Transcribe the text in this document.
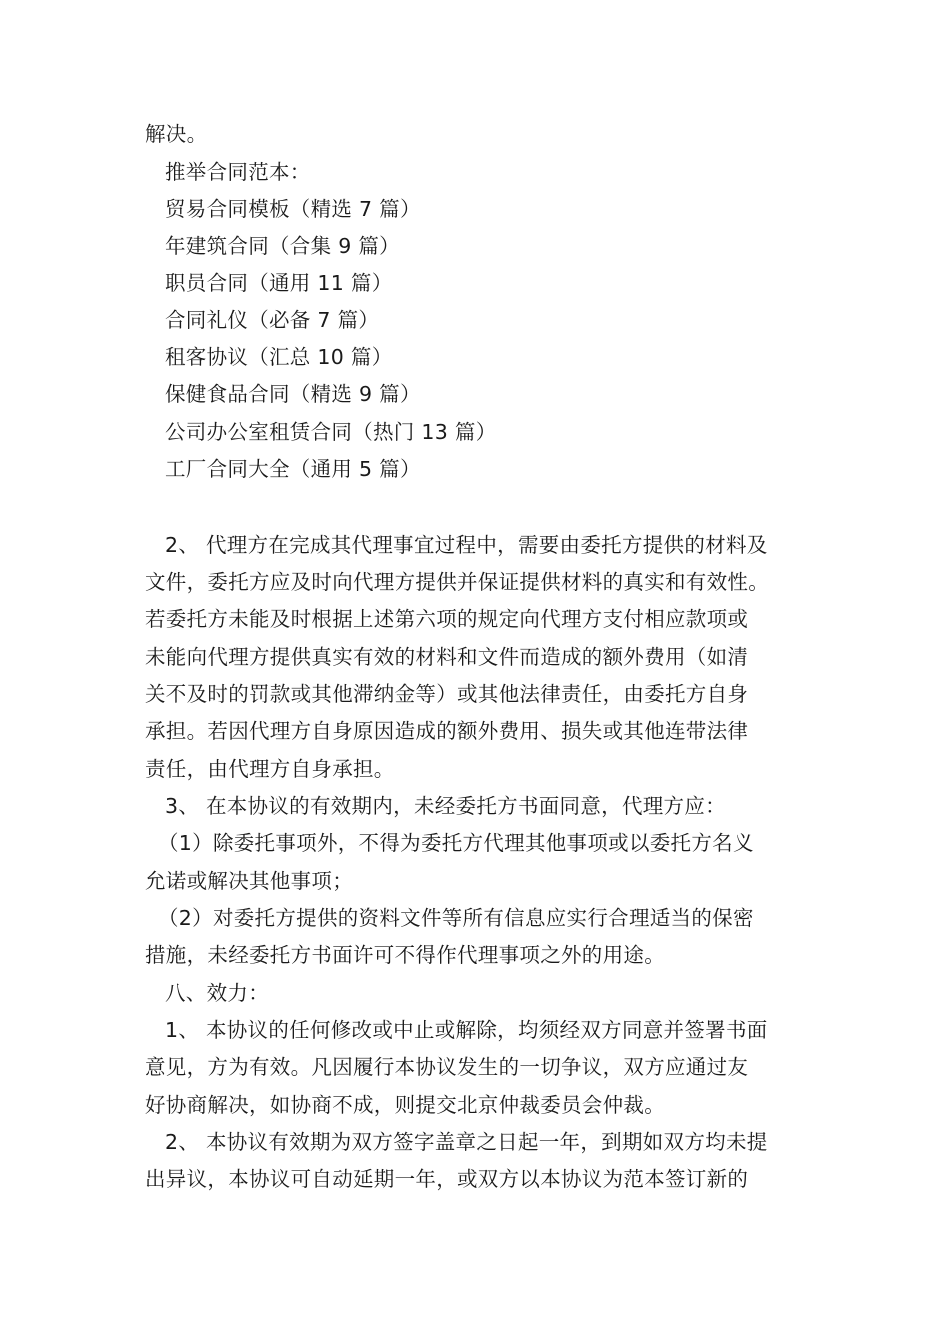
解决。
推举合同范本：
贸易合同模板（精选 7 篇）
年建筑合同（合集 9 篇）
职员合同（通用 11 篇）
合同礼仪（必备 7 篇）
租客协议（汇总 10 篇）
保健食品合同（精选 9 篇）
公司办公室租赁合同（热门 13 篇）
工厂合同大全（通用 5 篇）
2、 代理方在完成其代理事宜过程中，需要由委托方提供的材料及
文件，委托方应及时向代理方提供并保证提供材料的真实和有效性。
若委托方未能及时根据上述第六项的规定向代理方支付相应款项或
未能向代理方提供真实有效的材料和文件而造成的额外费用（如清
关不及时的罚款或其他滞纳金等）或其他法律责任，由委托方自身
承担。若因代理方自身原因造成的额外费用、损失或其他连带法律
责任，由代理方自身承担。
3、 在本协议的有效期内，未经委托方书面同意，代理方应：
（1）除委托事项外，不得为委托方代理其他事项或以委托方名义
允诺或解决其他事项；
（2）对委托方提供的资料文件等所有信息应实行合理适当的保密
措施，未经委托方书面许可不得作代理事项之外的用途。
八、效力：
1、 本协议的任何修改或中止或解除，均须经双方同意并签署书面
意见，方为有效。凡因履行本协议发生的一切争议，双方应通过友
好协商解决，如协商不成，则提交北京仲裁委员会仲裁。
2、 本协议有效期为双方签字盖章之日起一年，到期如双方均未提
出异议，本协议可自动延期一年，或双方以本协议为范本签订新的
